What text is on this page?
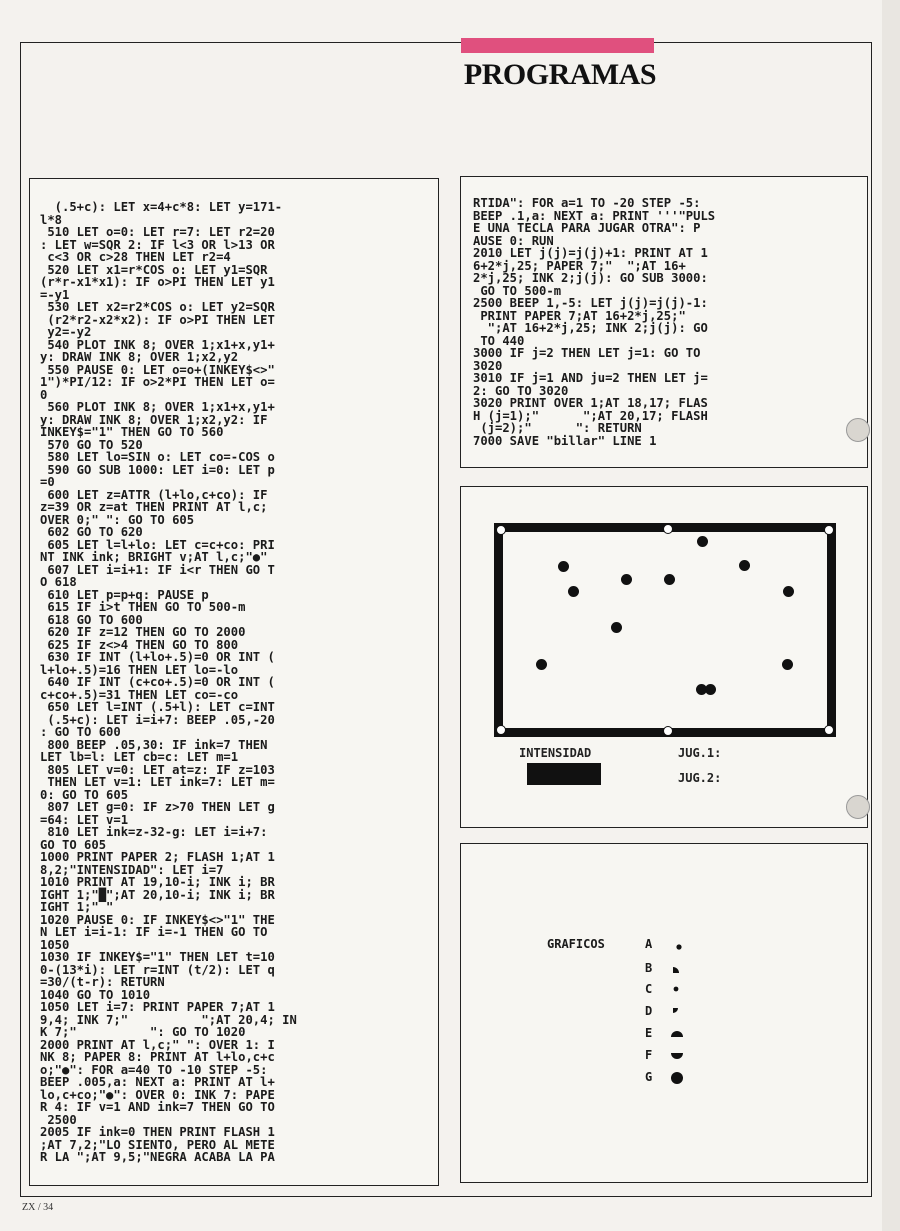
PROGRAMAS
(.5+c): LET x=4+c*8: LET y=171-
l*8
510 LET o=0: LET r=7: LET r2=20
: LET w=SQR 2: IF l<3 OR l>13 OR
c<3 OR c>28 THEN LET r2=4
520 LET x1=r*COS o: LET y1=SQR
(r*r-x1*x1): IF o>PI THEN LET y1
=-y1
530 LET x2=r2*COS o: LET y2=SQR
(r2*r2-x2*x2): IF o>PI THEN LET
y2=-y2
540 PLOT INK 8; OVER 1;x1+x,y1+
y: DRAW INK 8; OVER 1;x2,y2
550 PAUSE 0: LET o=o+(INKEY$<>"
1")*PI/12: IF o>2*PI THEN LET o=
0
560 PLOT INK 8; OVER 1;x1+x,y1+
y: DRAW INK 8; OVER 1;x2,y2: IF
INKEY$="1" THEN GO TO 560
570 GO TO 520
580 LET lo=SIN o: LET co=-COS o
590 GO SUB 1000: LET i=0: LET p
=0
600 LET z=ATTR (l+lo,c+co): IF
z=39 OR z=at THEN PRINT AT l,c;
OVER 0;" ": GO TO 605
602 GO TO 620
605 LET l=l+lo: LET c=c+co: PRI
NT INK ink; BRIGHT v;AT l,c;"●"
607 LET i=i+1: IF i<r THEN GO T
O 618
610 LET p=p+q: PAUSE p
615 IF i>t THEN GO TO 500-m
618 GO TO 600
620 IF z=12 THEN GO TO 2000
625 IF z<>4 THEN GO TO 800
630 IF INT (l+lo+.5)=0 OR INT (
l+lo+.5)=16 THEN LET lo=-lo
640 IF INT (c+co+.5)=0 OR INT (
c+co+.5)=31 THEN LET co=-co
650 LET l=INT (.5+l): LET c=INT
(.5+c): LET i=i+7: BEEP .05,-20
: GO TO 600
800 BEEP .05,30: IF ink=7 THEN
LET lb=l: LET cb=c: LET m=1
805 LET v=0: LET at=z: IF z=103
THEN LET v=1: LET ink=7: LET m=
0: GO TO 605
807 LET g=0: IF z>70 THEN LET g
=64: LET v=1
810 LET ink=z-32-g: LET i=i+7:
GO TO 605
1000 PRINT PAPER 2; FLASH 1;AT 1
8,2;"INTENSIDAD": LET i=7
1010 PRINT AT 19,10-i; INK i; BR
IGHT 1;"█";AT 20,10-i; INK i; BR
IGHT 1;" "
1020 PAUSE 0: IF INKEY$<>"1" THE
N LET i=i-1: IF i=-1 THEN GO TO
1050
1030 IF INKEY$="1" THEN LET t=10
0-(13*i): LET r=INT (t/2): LET q
=30/(t-r): RETURN
1040 GO TO 1010
1050 LET i=7: PRINT PAPER 7;AT 1
9,4; INK 7;"          ";AT 20,4; IN
K 7;"          ": GO TO 1020
2000 PRINT AT l,c;" ": OVER 1: I
NK 8; PAPER 8: PRINT AT l+lo,c+c
o;"●": FOR a=40 TO -10 STEP -5:
BEEP .005,a: NEXT a: PRINT AT l+
lo,c+co;"●": OVER 0: INK 7: PAPE
R 4: IF v=1 AND ink=7 THEN GO TO
2500
2005 IF ink=0 THEN PRINT FLASH 1
;AT 7,2;"LO SIENTO, PERO AL METE
R LA ";AT 9,5;"NEGRA ACABA LA PA
RTIDA": FOR a=1 TO -20 STEP -5:
BEEP .1,a: NEXT a: PRINT '''"PULS
E UNA TECLA PARA JUGAR OTRA": P
AUSE 0: RUN
2010 LET j(j)=j(j)+1: PRINT AT 1
6+2*j,25; PAPER 7;"  ";AT 16+
2*j,25; INK 2;j(j): GO SUB 3000:
GO TO 500-m
2500 BEEP 1,-5: LET j(j)=j(j)-1:
PRINT PAPER 7;AT 16+2*j,25;"
";AT 16+2*j,25; INK 2;j(j): GO
TO 440
3000 IF j=2 THEN LET j=1: GO TO
3020
3010 IF j=1 AND ju=2 THEN LET j=
2: GO TO 3020
3020 PRINT OVER 1;AT 18,17; FLAS
H (j=1);"      ";AT 20,17; FLASH
(j=2);"      ": RETURN
7000 SAVE "billar" LINE 1
INTENSIDAD	JUG.1:
JUG.2:
GRAFICOS	A
B
C
D
E
F
G
ZX / 34
